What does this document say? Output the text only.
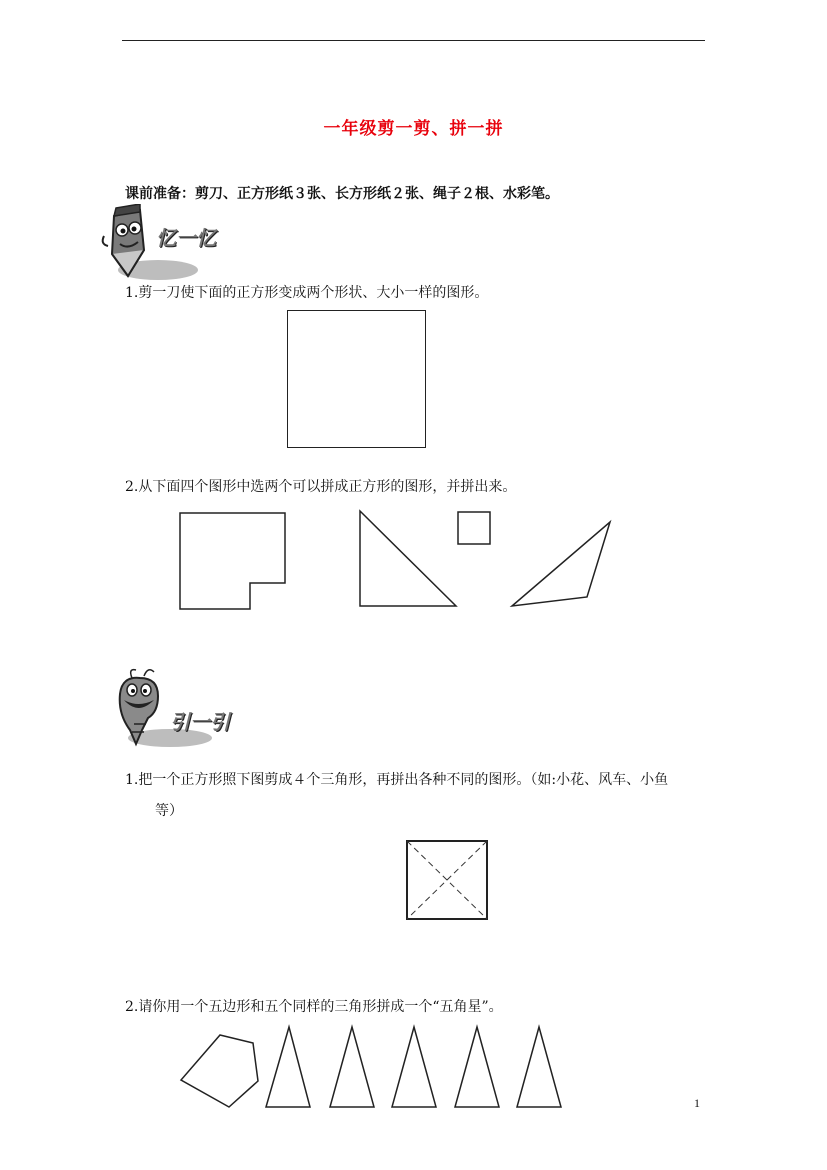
一年级剪一剪、拼一拼
课前准备：剪刀、正方形纸３张、长方形纸２张、绳子２根、水彩笔。
忆一忆
1.剪一刀使下面的正方形变成两个形状、大小一样的图形。
2.从下面四个图形中选两个可以拼成正方形的图形，并拼出来。
引一引
1.把一个正方形照下图剪成４个三角形，再拼出各种不同的图形。（如:小花、风车、小鱼
等）
2.请你用一个五边形和五个同样的三角形拼成一个“五角星”。
1
